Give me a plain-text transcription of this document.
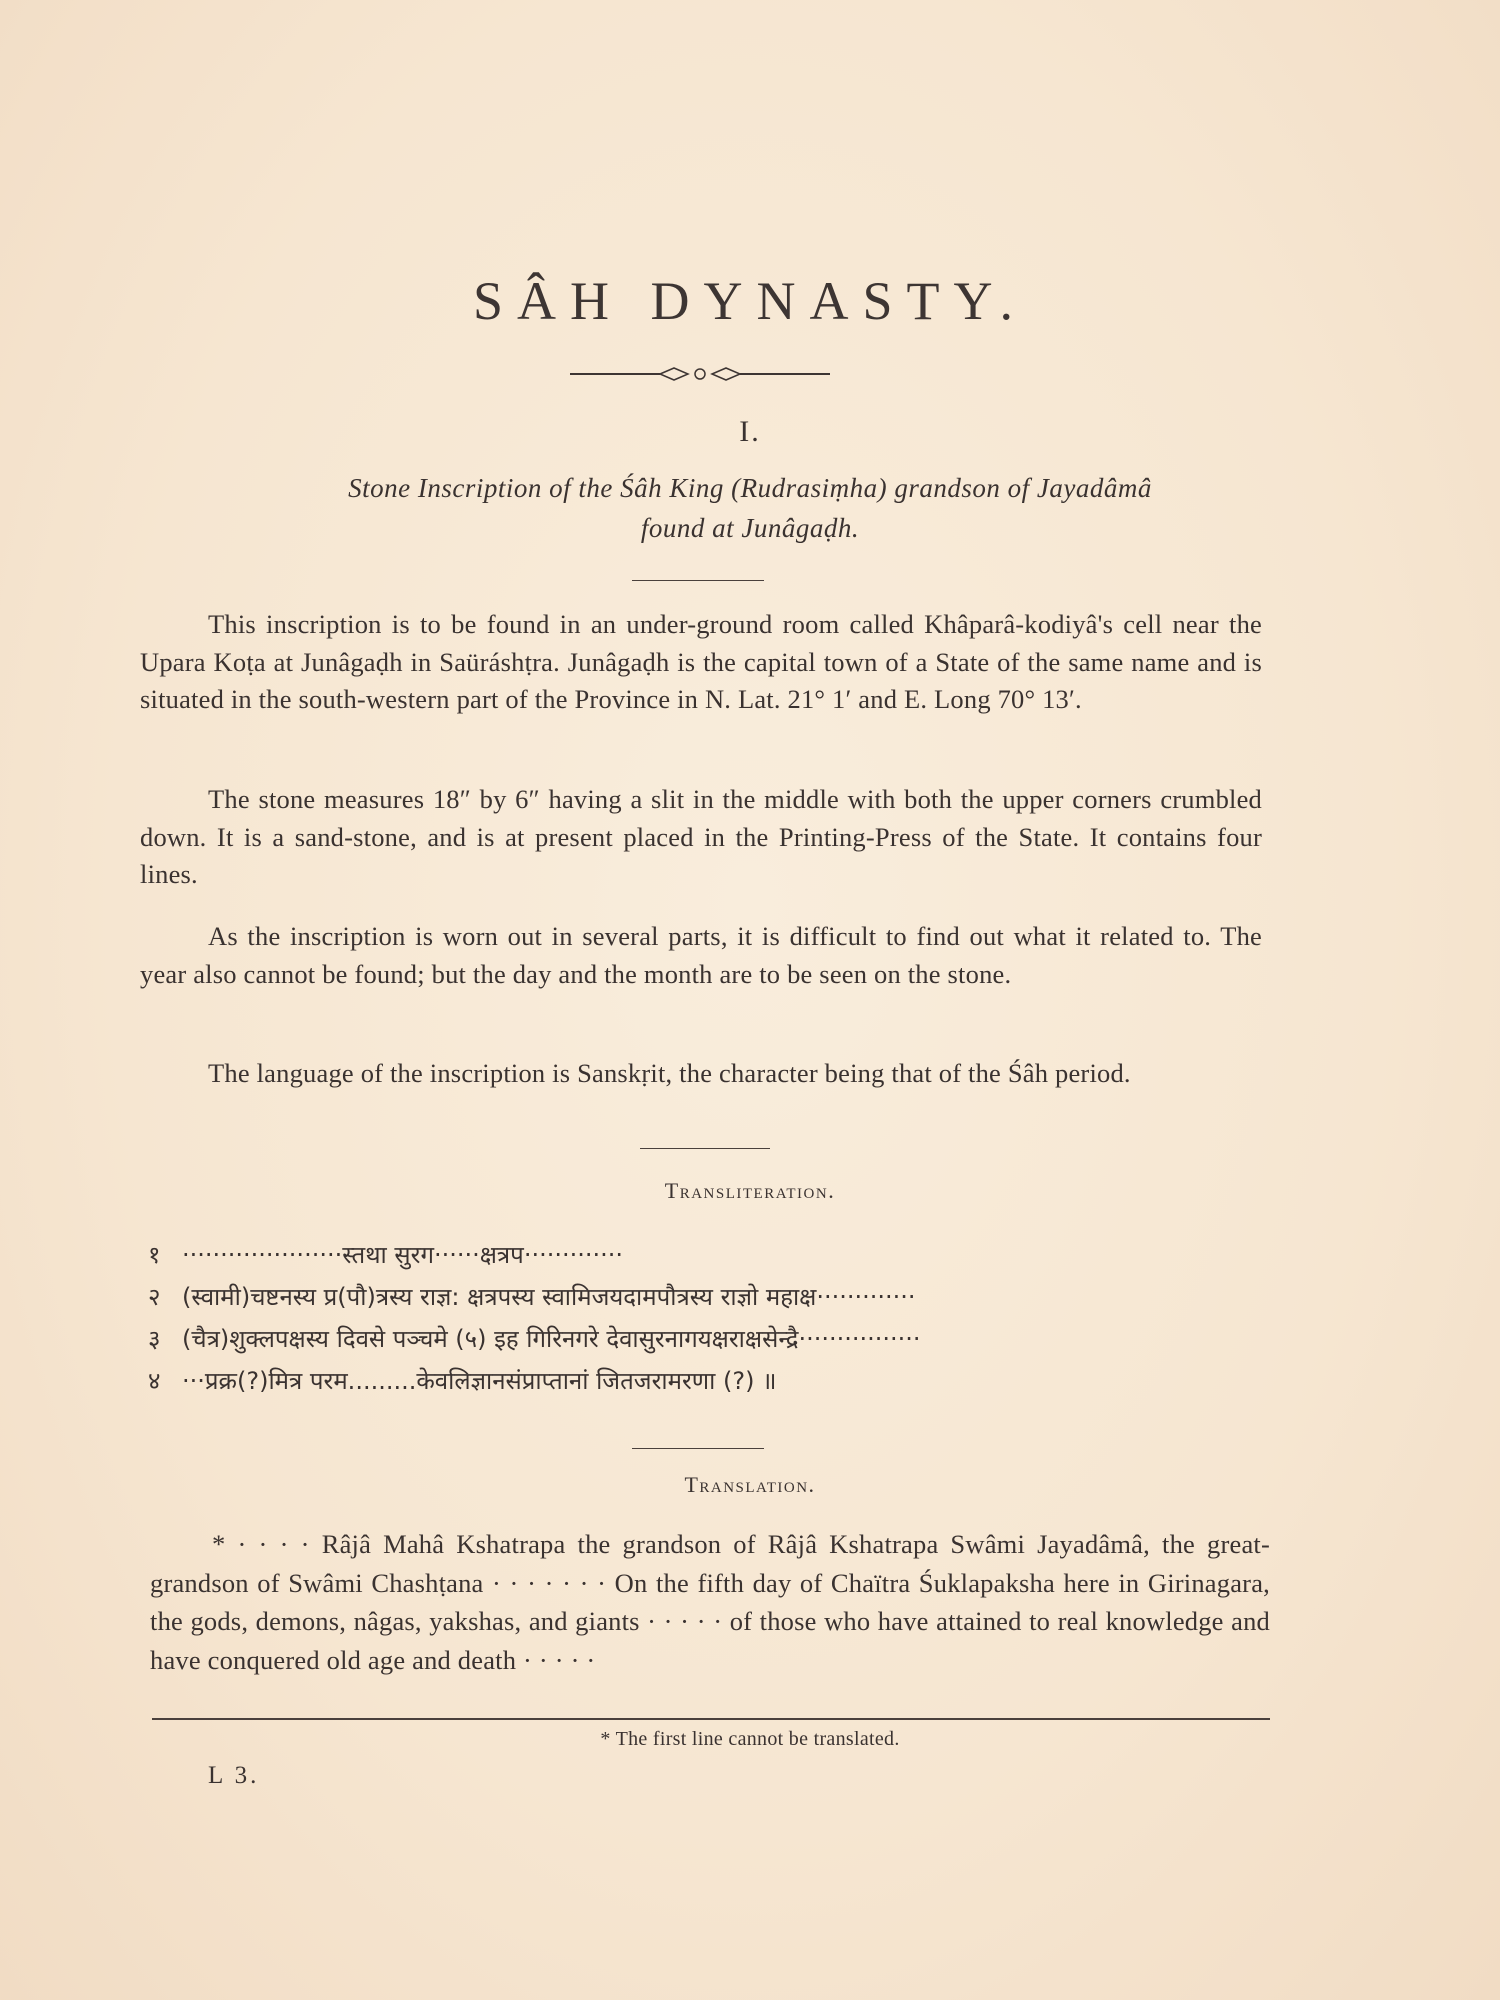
SÂH DYNASTY.
I.
Stone Inscription of the Śâh King (Rudrasiṃha) grandson of Jayadâmâ
found at Junâgaḍh.

This inscription is to be found in an under-ground room called Khâparâ-kodiyâ's cell near the Upara Koṭa at Junâgaḍh in Saüráshṭra. Junâgaḍh is the capital town of a State of the same name and is situated in the south-western part of the Province in N. Lat. 21° 1′ and E. Long 70° 13′.

The stone measures 18″ by 6″ having a slit in the middle with both the upper corners crumbled down. It is a sand-stone, and is at present placed in the Printing-Press of the State. It contains four lines.

As the inscription is worn out in several parts, it is difficult to find out what it related to. The year also cannot be found; but the day and the month are to be seen on the stone.

The language of the inscription is Sanskṛit, the character being that of the Śâh period.

Transliteration.
१ ·····················स्तथा सुरग······क्षत्रप·············
२ (स्वामी)चष्टनस्य प्र(पौ)त्रस्य राज्ञ: क्षत्रपस्य स्वामिजयदामपौत्रस्य राज्ञो महाक्ष·············
३ (चैत्र)शुक्लपक्षस्य दिवसे पञ्चमे (५) इह गिरिनगरे देवासुरनागयक्षराक्षसेन्द्रै················
४ ···प्रक्र(?)मित्र परम.........केवलिज्ञानसंप्राप्तानां जितजरामरणा (?) ॥
Translation.

* · · · · Râjâ Mahâ Kshatrapa the grandson of Râjâ Kshatrapa Swâmi Jayadâmâ, the great-grandson of Swâmi Chashṭana · · · · · · · On the fifth day of Chaïtra Śuklapaksha here in Girinagara, the gods, demons, nâgas, yakshas, and giants · · · · · of those who have attained to real knowledge and have conquered old age and death · · · · ·

* The first line cannot be translated.
L 3.
